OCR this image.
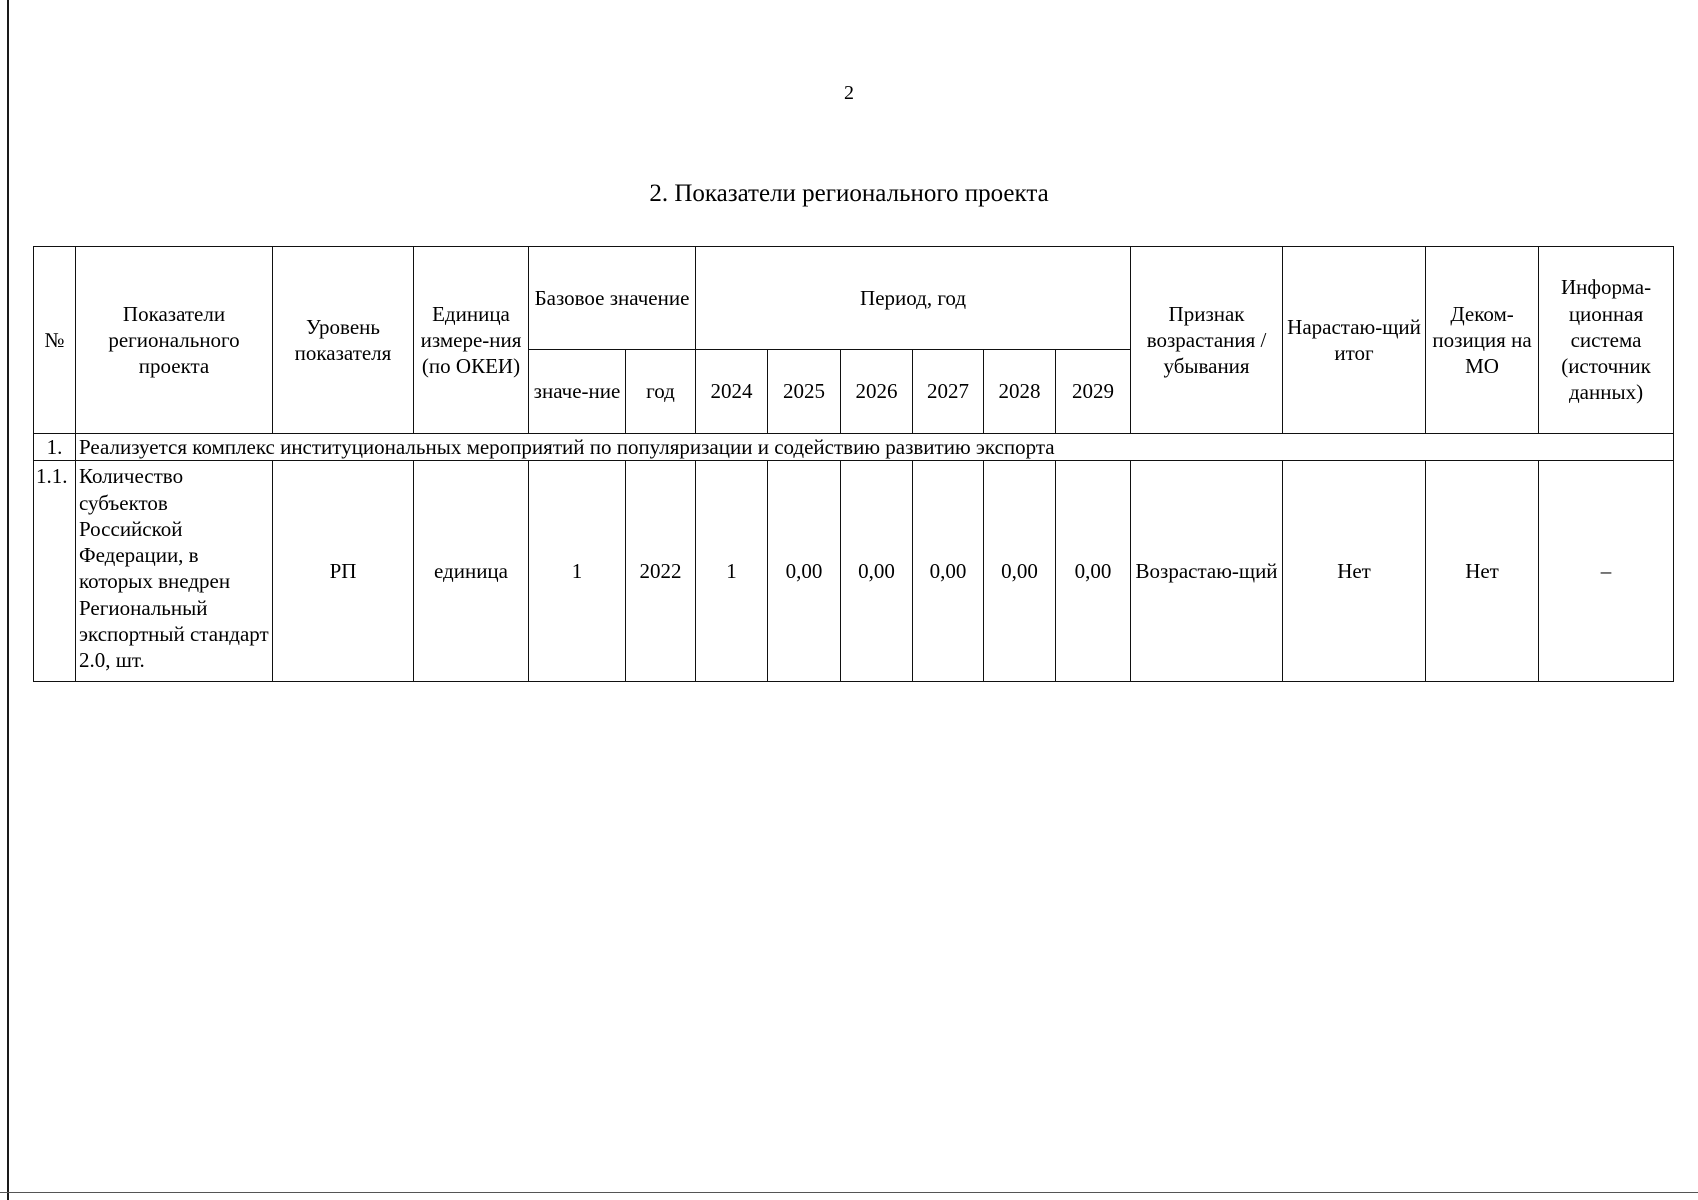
2
2. Показатели регионального проекта
№	Показатели регионального проекта	Уровень показателя	Единица измере-ния (по ОКЕИ)	Базовое значение		Период, год						Признак возрастания /убывания	Нарастаю-щий итог	Деком-позиция на МО	Информа-ционная система (источник данных)
				значе-ние	год	2024	2025	2026	2027	2028	2029				
1.	Реализуется комплекс институциональных мероприятий по популяризации и содействию развитию экспорта														
1.1.	Количество субъектов Российской Федерации, в которых внедрен Региональный экспортный стандарт 2.0, шт.	РП	единица	1	2022	1	0,00	0,00	0,00	0,00	0,00	Возрастаю-щий	Нет	Нет	–
